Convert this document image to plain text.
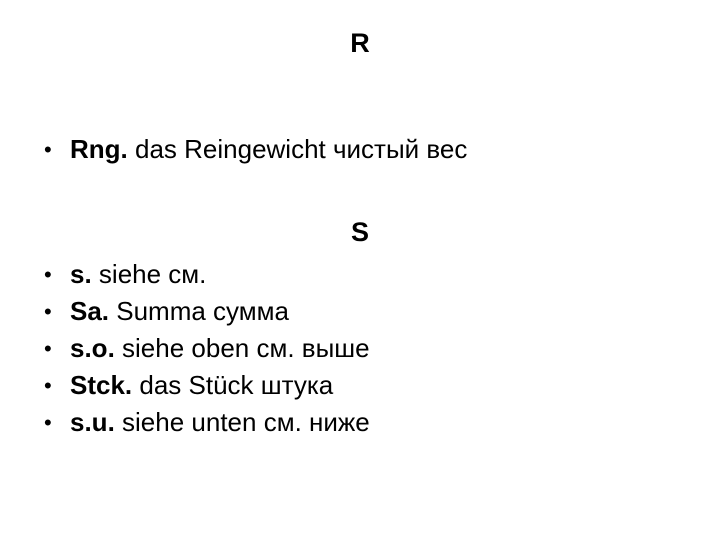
R
• Rng. das Reingewicht чистый вес
S
• s. siehe см.
• Sa. Summa сумма
• s.o. siehe oben см. выше
• Stck. das Stück штука
• s.u. siehe unten см. ниже
